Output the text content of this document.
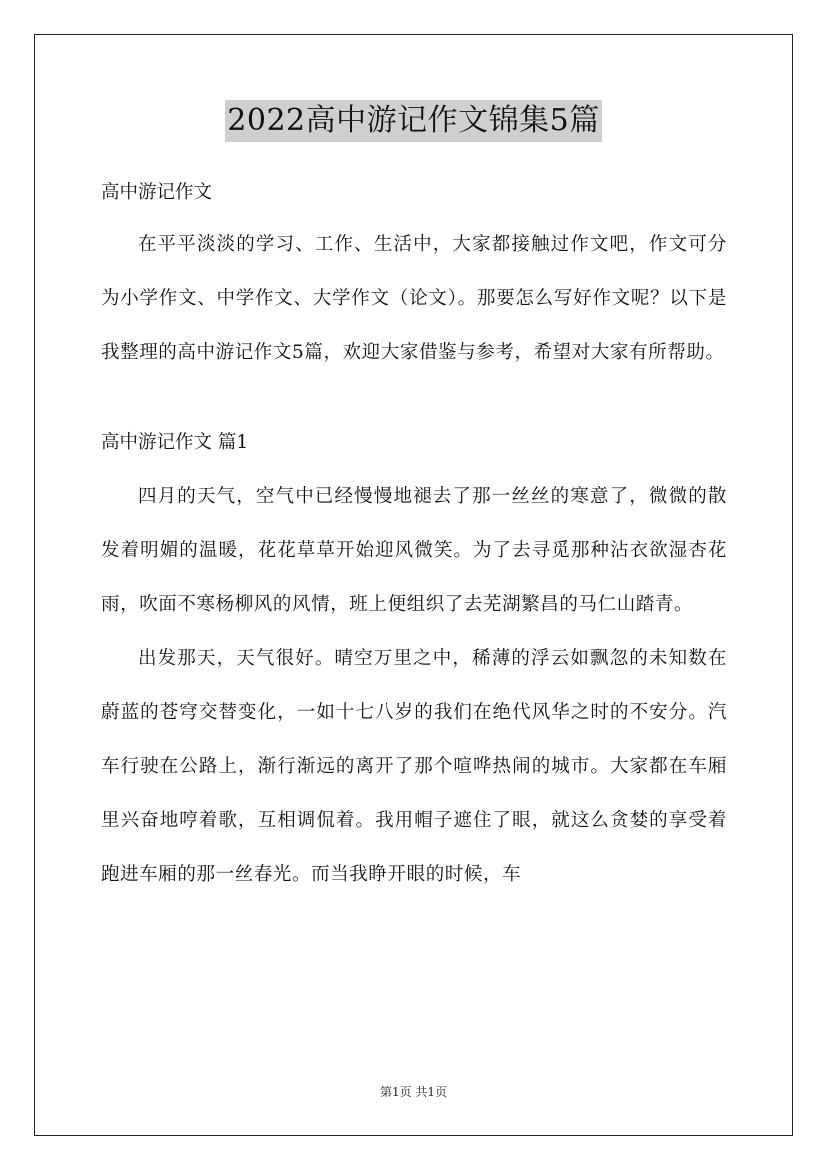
2022高中游记作文锦集5篇

高中游记作文

在平平淡淡的学习、工作、生活中，大家都接触过作文吧，作文可分为小学作文、中学作文、大学作文（论文）。那要怎么写好作文呢？以下是我整理的高中游记作文5篇，欢迎大家借鉴与参考，希望对大家有所帮助。

高中游记作文 篇1

四月的天气，空气中已经慢慢地褪去了那一丝丝的寒意了，微微的散发着明媚的温暖，花花草草开始迎风微笑。为了去寻觅那种沾衣欲湿杏花雨，吹面不寒杨柳风的风情，班上便组织了去芜湖繁昌的马仁山踏青。

出发那天，天气很好。晴空万里之中，稀薄的浮云如飘忽的未知数在蔚蓝的苍穹交替变化，一如十七八岁的我们在绝代风华之时的不安分。汽车行驶在公路上，渐行渐远的离开了那个喧哗热闹的城市。大家都在车厢里兴奋地哼着歌，互相调侃着。我用帽子遮住了眼，就这么贪婪的享受着跑进车厢的那一丝春光。而当我睁开眼的时候，车

第1页 共1页
